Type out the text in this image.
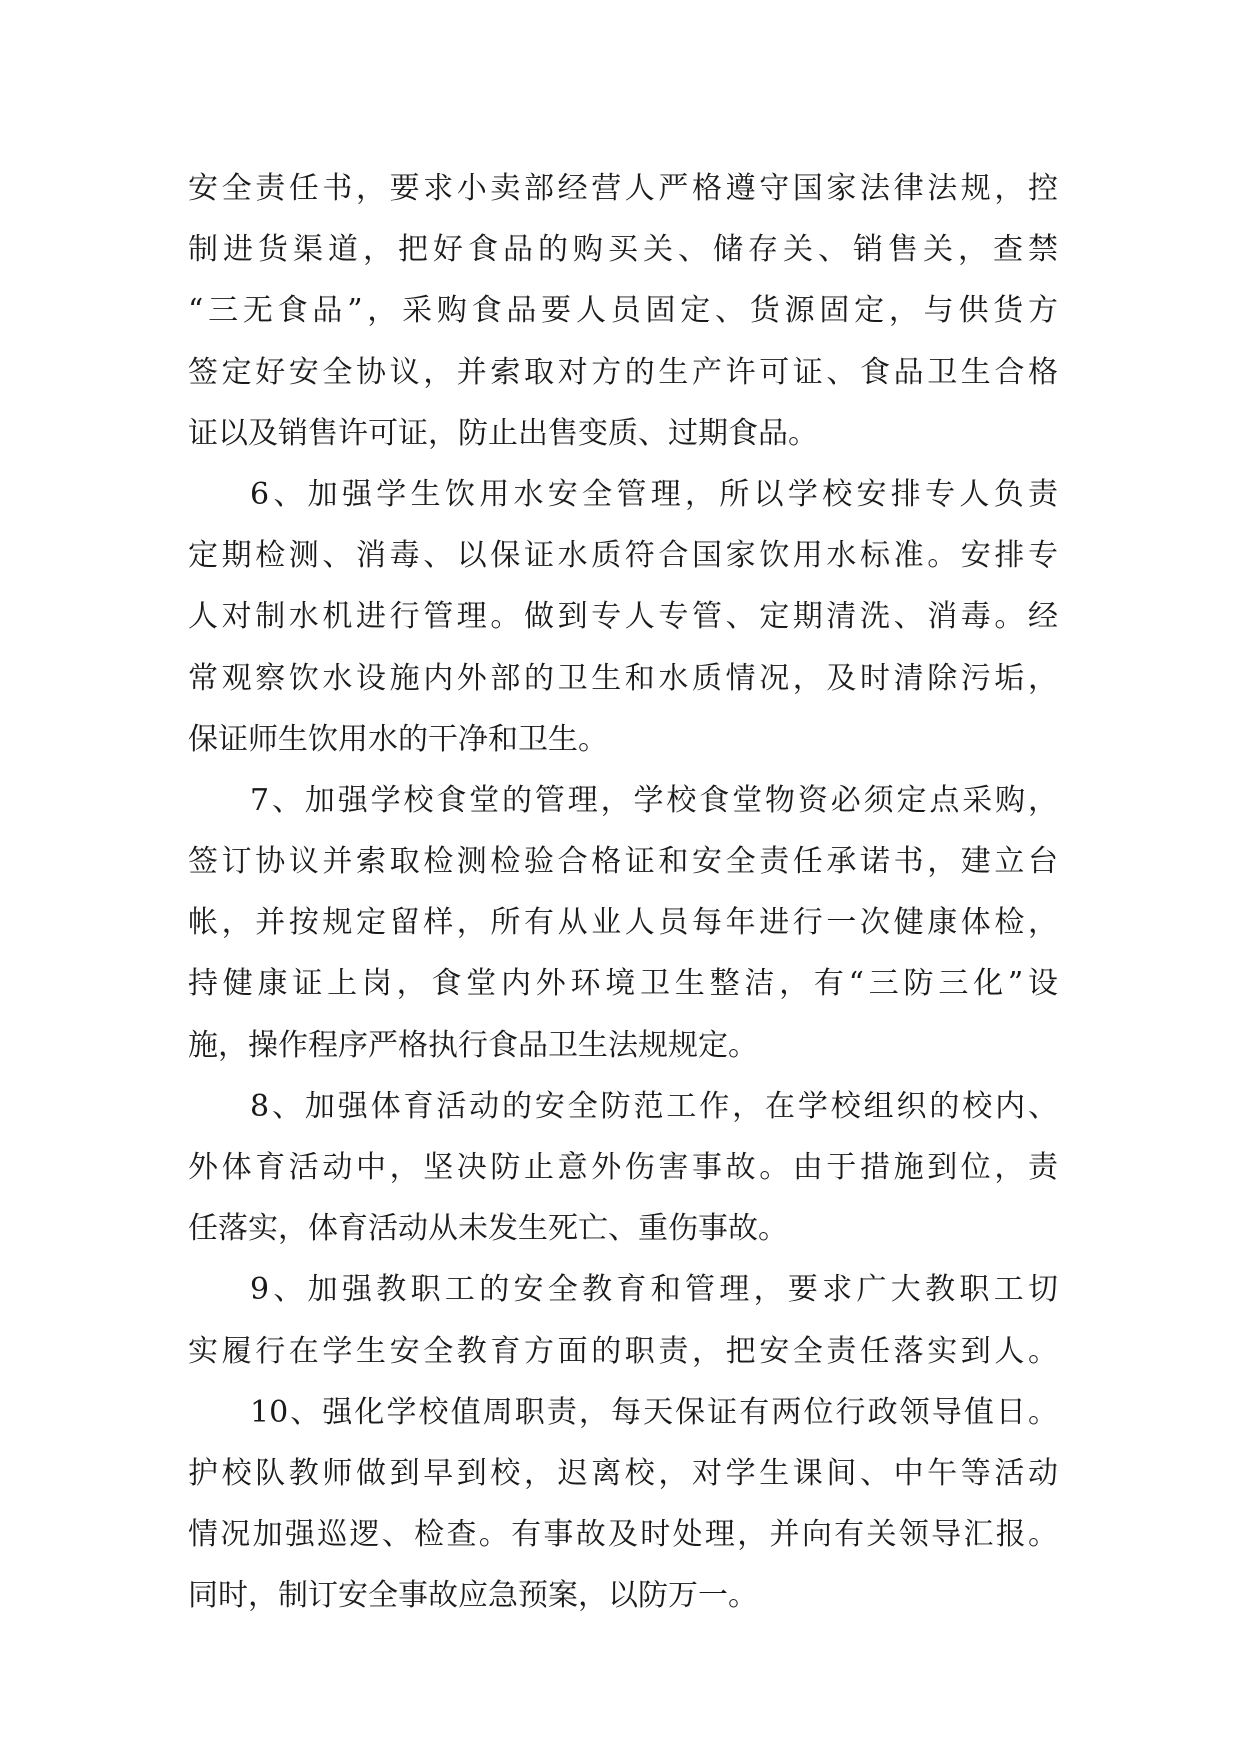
安全责任书，要求小卖部经营人严格遵守国家法律法规，控
制进货渠道，把好食品的购买关、储存关、销售关，查禁
“三无食品”，采购食品要人员固定、货源固定，与供货方
签定好安全协议，并索取对方的生产许可证、食品卫生合格
证以及销售许可证，防止出售变质、过期食品。
6、加强学生饮用水安全管理，所以学校安排专人负责
定期检测、消毒、以保证水质符合国家饮用水标准。安排专
人对制水机进行管理。做到专人专管、定期清洗、消毒。经
常观察饮水设施内外部的卫生和水质情况，及时清除污垢，
保证师生饮用水的干净和卫生。
7、加强学校食堂的管理，学校食堂物资必须定点采购，
签订协议并索取检测检验合格证和安全责任承诺书，建立台
帐，并按规定留样，所有从业人员每年进行一次健康体检，
持健康证上岗，食堂内外环境卫生整洁，有“三防三化”设
施，操作程序严格执行食品卫生法规规定。
8、加强体育活动的安全防范工作，在学校组织的校内、
外体育活动中，坚决防止意外伤害事故。由于措施到位，责
任落实，体育活动从未发生死亡、重伤事故。
9、加强教职工的安全教育和管理，要求广大教职工切
实履行在学生安全教育方面的职责，把安全责任落实到人。
10、强化学校值周职责，每天保证有两位行政领导值日。
护校队教师做到早到校，迟离校，对学生课间、中午等活动
情况加强巡逻、检查。有事故及时处理，并向有关领导汇报。
同时，制订安全事故应急预案，以防万一。
